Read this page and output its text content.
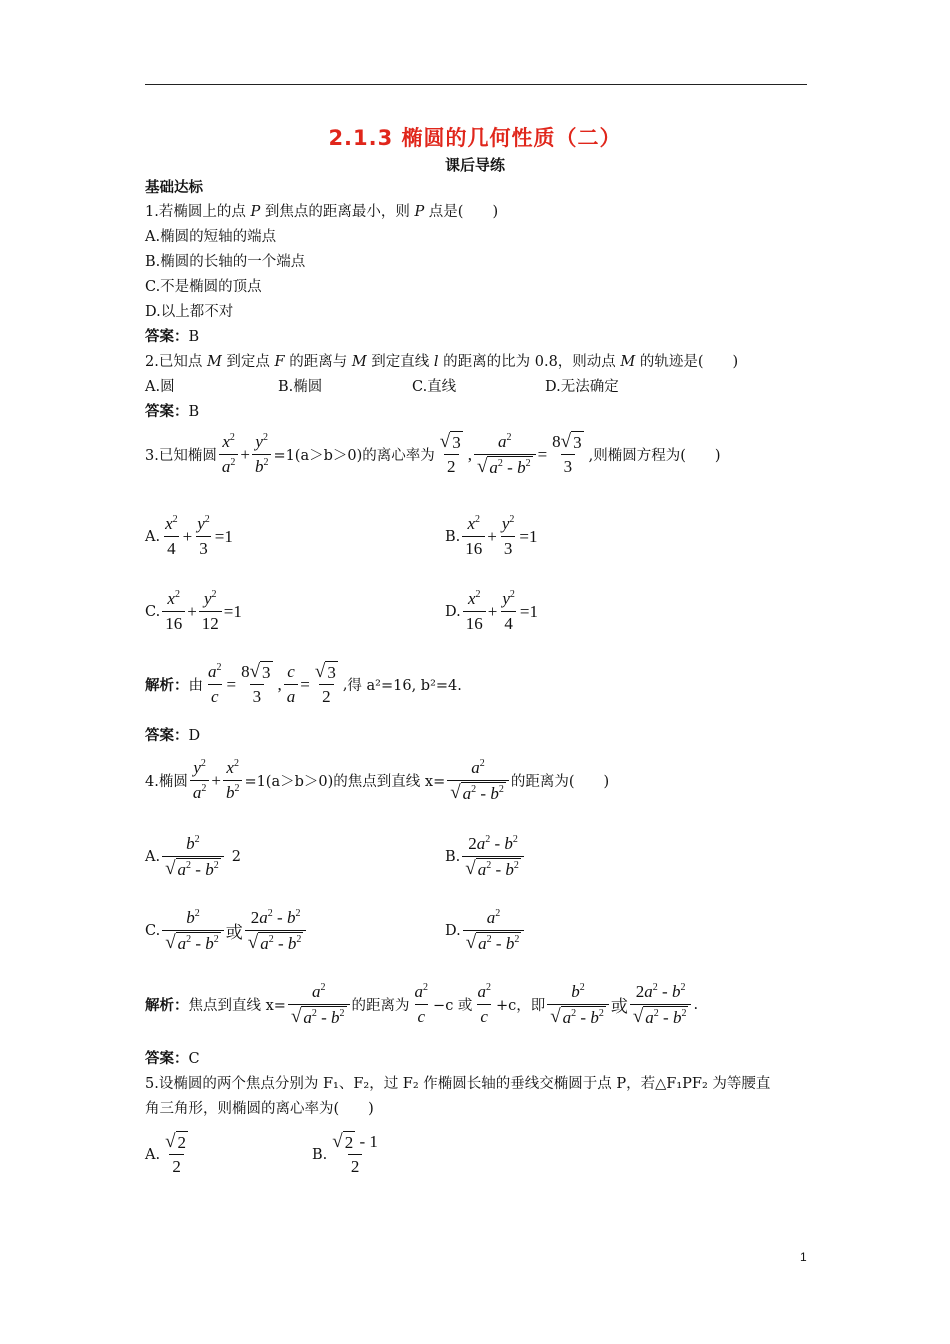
2.1.3 椭圆的几何性质（二）
课后导练
基础达标
1.若椭圆上的点 P 到焦点的距离最小，则 P 点是(　　)
A.椭圆的短轴的端点
B.椭圆的长轴的一个端点
C.不是椭圆的顶点
D.以上都不对
答案：B
2.已知点 M 到定点 F 的距离与 M 到定直线 l 的距离的比为 0.8，则动点 M 的轨迹是(　　)
A.圆	B.椭圆	C.直线	D.无法确定
答案：B
3.已知椭圆 $\frac{x^2}{a^2} + \frac{y^2}{b^2} =1(a>b>0)$的离心率为 $\frac{√ 3}{2}$ , $\frac{a^2}{√ a^2 - b^2} = \frac{8 √ 3}{3}$ ,则椭圆方程为(　　)
A. $\frac{x^2}{4} + \frac{y^2}{3} =1$	B. $\frac{x^2}{16} + \frac{y^2}{3} =1$
C. $\frac{x^2}{16} + \frac{y^2}{12} =1$	D. $\frac{x^2}{16} + \frac{y^2}{4} =1$
解析： 由 $\frac{a^2}{c} = \frac{8 √ 3}{3}$ , $\frac{c}{a} = \frac{√ 3}{2}$ , 得 a²=16, b²=4.
答案：D
4.椭圆 $\frac{y^2}{a^2} + \frac{x^2}{b^2} =1(a>b>0)$的焦点到直线 $x= \frac{a^2}{√ a^2 - b^2}$ 的距离为(　　)
A. $\frac{b^2}{√ a^2 - b^2} 2$	B. $\frac{2a^2 - b^2}{√ a^2 - b^2}$
C. $\frac{b^2}{√ a^2 - b^2}$ 或 $\frac{2a^2 - b^2}{√ a^2 - b^2}$	D. $\frac{a^2}{√ a^2 - b^2}$
解析： 焦点到直线 $x= \frac{a^2}{√ a^2 - b^2}$ 的距离为 $\frac{a^2}{c} -c$ 或 $\frac{a^2}{c} +c$，即 $\frac{b^2}{√ a^2 - b^2}$ 或 $\frac{2a^2 - b^2}{√ a^2 - b^2}$ .
答案：C
5.设椭圆的两个焦点分别为 F₁、F₂，过 F₂ 作椭圆长轴的垂线交椭圆于点 P，若△F₁PF₂ 为等腰直
角三角形，则椭圆的离心率为(　　)
A. $\frac{√ 2}{2}$	B. $\frac{√ 2 - 1}{2}$
1
